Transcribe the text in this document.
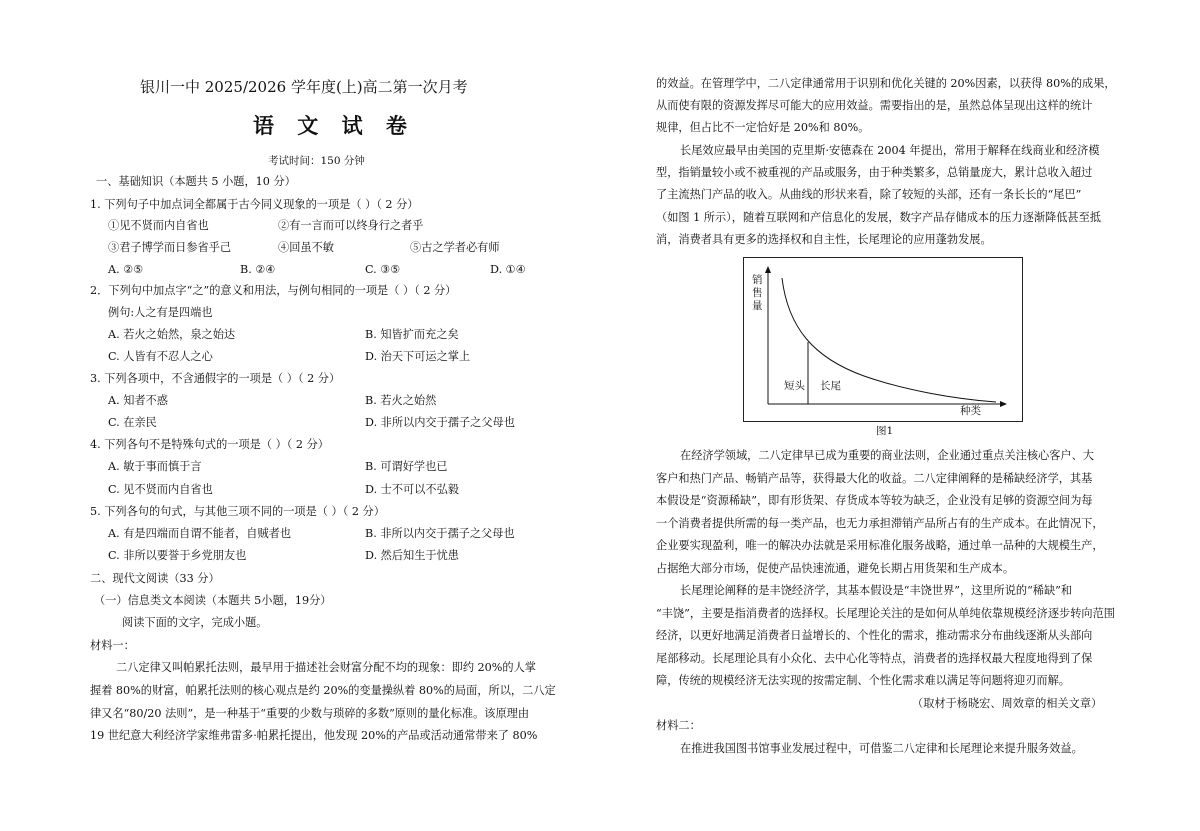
银川一中 2025/2026 学年度(上)高二第一次月考
语 文 试 卷
考试时间：150 分钟
一、基础知识（本题共 5 小题，10 分）
1. 下列句子中加点词全都属于古今同义现象的一项是（ ）（ 2 分）
①见不贤而内自省也	②有一言而可以终身行之者乎
③君子博学而日参省乎己	④回虽不敏	⑤古之学者必有师
A. ②⑤	B. ②④	C. ③⑤	D. ①④
2．下列句中加点字“之”的意义和用法，与例句相同的一项是（ ）（ 2 分）
例句:人之有是四端也
A. 若火之始然，泉之始达	B. 知皆扩而充之矣
C. 人皆有不忍人之心	D. 治天下可运之掌上
3. 下列各项中，不含通假字的一项是（ ）（ 2 分）
A. 知者不惑	B. 若火之始然
C. 在亲民	D. 非所以内交于孺子之父母也
4. 下列各句不是特殊句式的一项是（ ）（ 2 分）
A. 敏于事而慎于言	B. 可谓好学也已
C. 见不贤而内自省也	D. 士不可以不弘毅
5. 下列各句的句式，与其他三项不同的一项是（ ）（ 2 分）
A. 有是四端而自谓不能者，自贼者也	B. 非所以内交于孺子之父母也
C. 非所以要誉于乡党朋友也	D. 然后知生于忧患
二、现代文阅读（33 分）
（一）信息类文本阅读（本题共 5小题，19分）
阅读下面的文字，完成小题。
材料一：
二八定律又叫帕累托法则，最早用于描述社会财富分配不均的现象：即约 20%的人掌
握着 80%的财富，帕累托法则的核心观点是约 20%的变量操纵着 80%的局面，所以，二八定
律又名“80/20 法则”，是一种基于“重要的少数与琐碎的多数”原则的量化标准。该原理由
19 世纪意大利经济学家维弗雷多·帕累托提出，他发现 20%的产品或活动通常带来了 80%
的效益。在管理学中，二八定律通常用于识别和优化关键的 20%因素，以获得 80%的成果，
从而使有限的资源发挥尽可能大的应用效益。需要指出的是，虽然总体呈现出这样的统计
规律，但占比不一定恰好是 20%和 80%。
长尾效应最早由美国的克里斯·安德森在 2004 年提出，常用于解释在线商业和经济模
型，指销量较小或不被重视的产品或服务，由于种类繁多，总销量庞大，累计总收入超过
了主流热门产品的收入。从曲线的形状来看，除了较短的头部，还有一条长长的“尾巴”
（如图 1 所示），随着互联网和产信息化的发展，数字产品存储成本的压力逐渐降低甚至抵
消，消费者具有更多的选择权和自主性，长尾理论的应用蓬勃发展。
销
售
量
短头 长尾
种类
图1
在经济学领域，二八定律早已成为重要的商业法则，企业通过重点关注核心客户、大
客户和热门产品、畅销产品等，获得最大化的收益。二八定律阐释的是稀缺经济学，其基
本假设是“资源稀缺”，即有形货架、存货成本等较为缺乏，企业没有足够的资源空间为每
一个消费者提供所需的每一类产品，也无力承担滞销产品所占有的生产成本。在此情况下，
企业要实现盈利，唯一的解决办法就是采用标准化服务战略，通过单一品种的大规模生产，
占据绝大部分市场，促使产品快速流通，避免长期占用货架和生产成本。
长尾理论阐释的是丰饶经济学，其基本假设是“丰饶世界”，这里所说的“稀缺”和
“丰饶”，主要是指消费者的选择权。长尾理论关注的是如何从单纯依靠规模经济逐步转向范围
经济，以更好地满足消费者日益增长的、个性化的需求，推动需求分布曲线逐渐从头部向
尾部移动。长尾理论具有小众化、去中心化等特点，消费者的选择权最大程度地得到了保
障，传统的规模经济无法实现的按需定制、个性化需求难以满足等问题将迎刃而解。
（取材于杨晓宏、周效章的相关文章）
材料二：
在推进我国图书馆事业发展过程中，可借鉴二八定律和长尾理论来提升服务效益。
